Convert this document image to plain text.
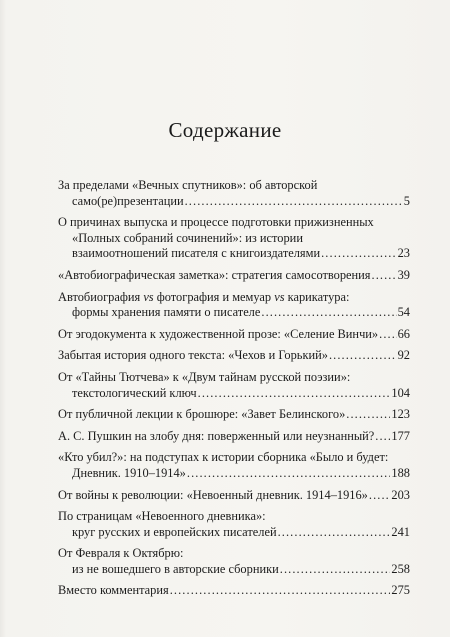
Содержание
За пределами «Вечных спутников»: об авторской
само(ре)презентации .....	5
О причинах выпуска и процессе подготовки прижизненных
«Полных собраний сочинений»: из истории
взаимоотношений писателя с книгоиздателями .....	23
«Автобиографическая заметка»: стратегия самосотворения ..... 39
Автобиография vs фотография и мемуар vs карикатура:
формы хранения памяти о писателе .....	54
От эгодокумента к художественной прозе: «Селение Винчи» ..... 66
Забытая история одного текста: «Чехов и Горький» .....	92
От «Тайны Тютчева» к «Двум тайнам русской поэзии»:
текстологический ключ .....	104
От публичной лекции к брошюре: «Завет Белинского» .....	123
А. С. Пушкин на злобу дня: поверженный или неузнанный? ..... 177
«Кто убил?»: на подступах к истории сборника «Было и будет:
Дневник. 1910–1914» .....	188
От войны к революции: «Невоенный дневник. 1914–1916» ..... 203
По страницам «Невоенного дневника»:
круг русских и европейских писателей .....	241
От Февраля к Октябрю:
из не вошедшего в авторские сборники .....	258
Вместо комментария .....	275
